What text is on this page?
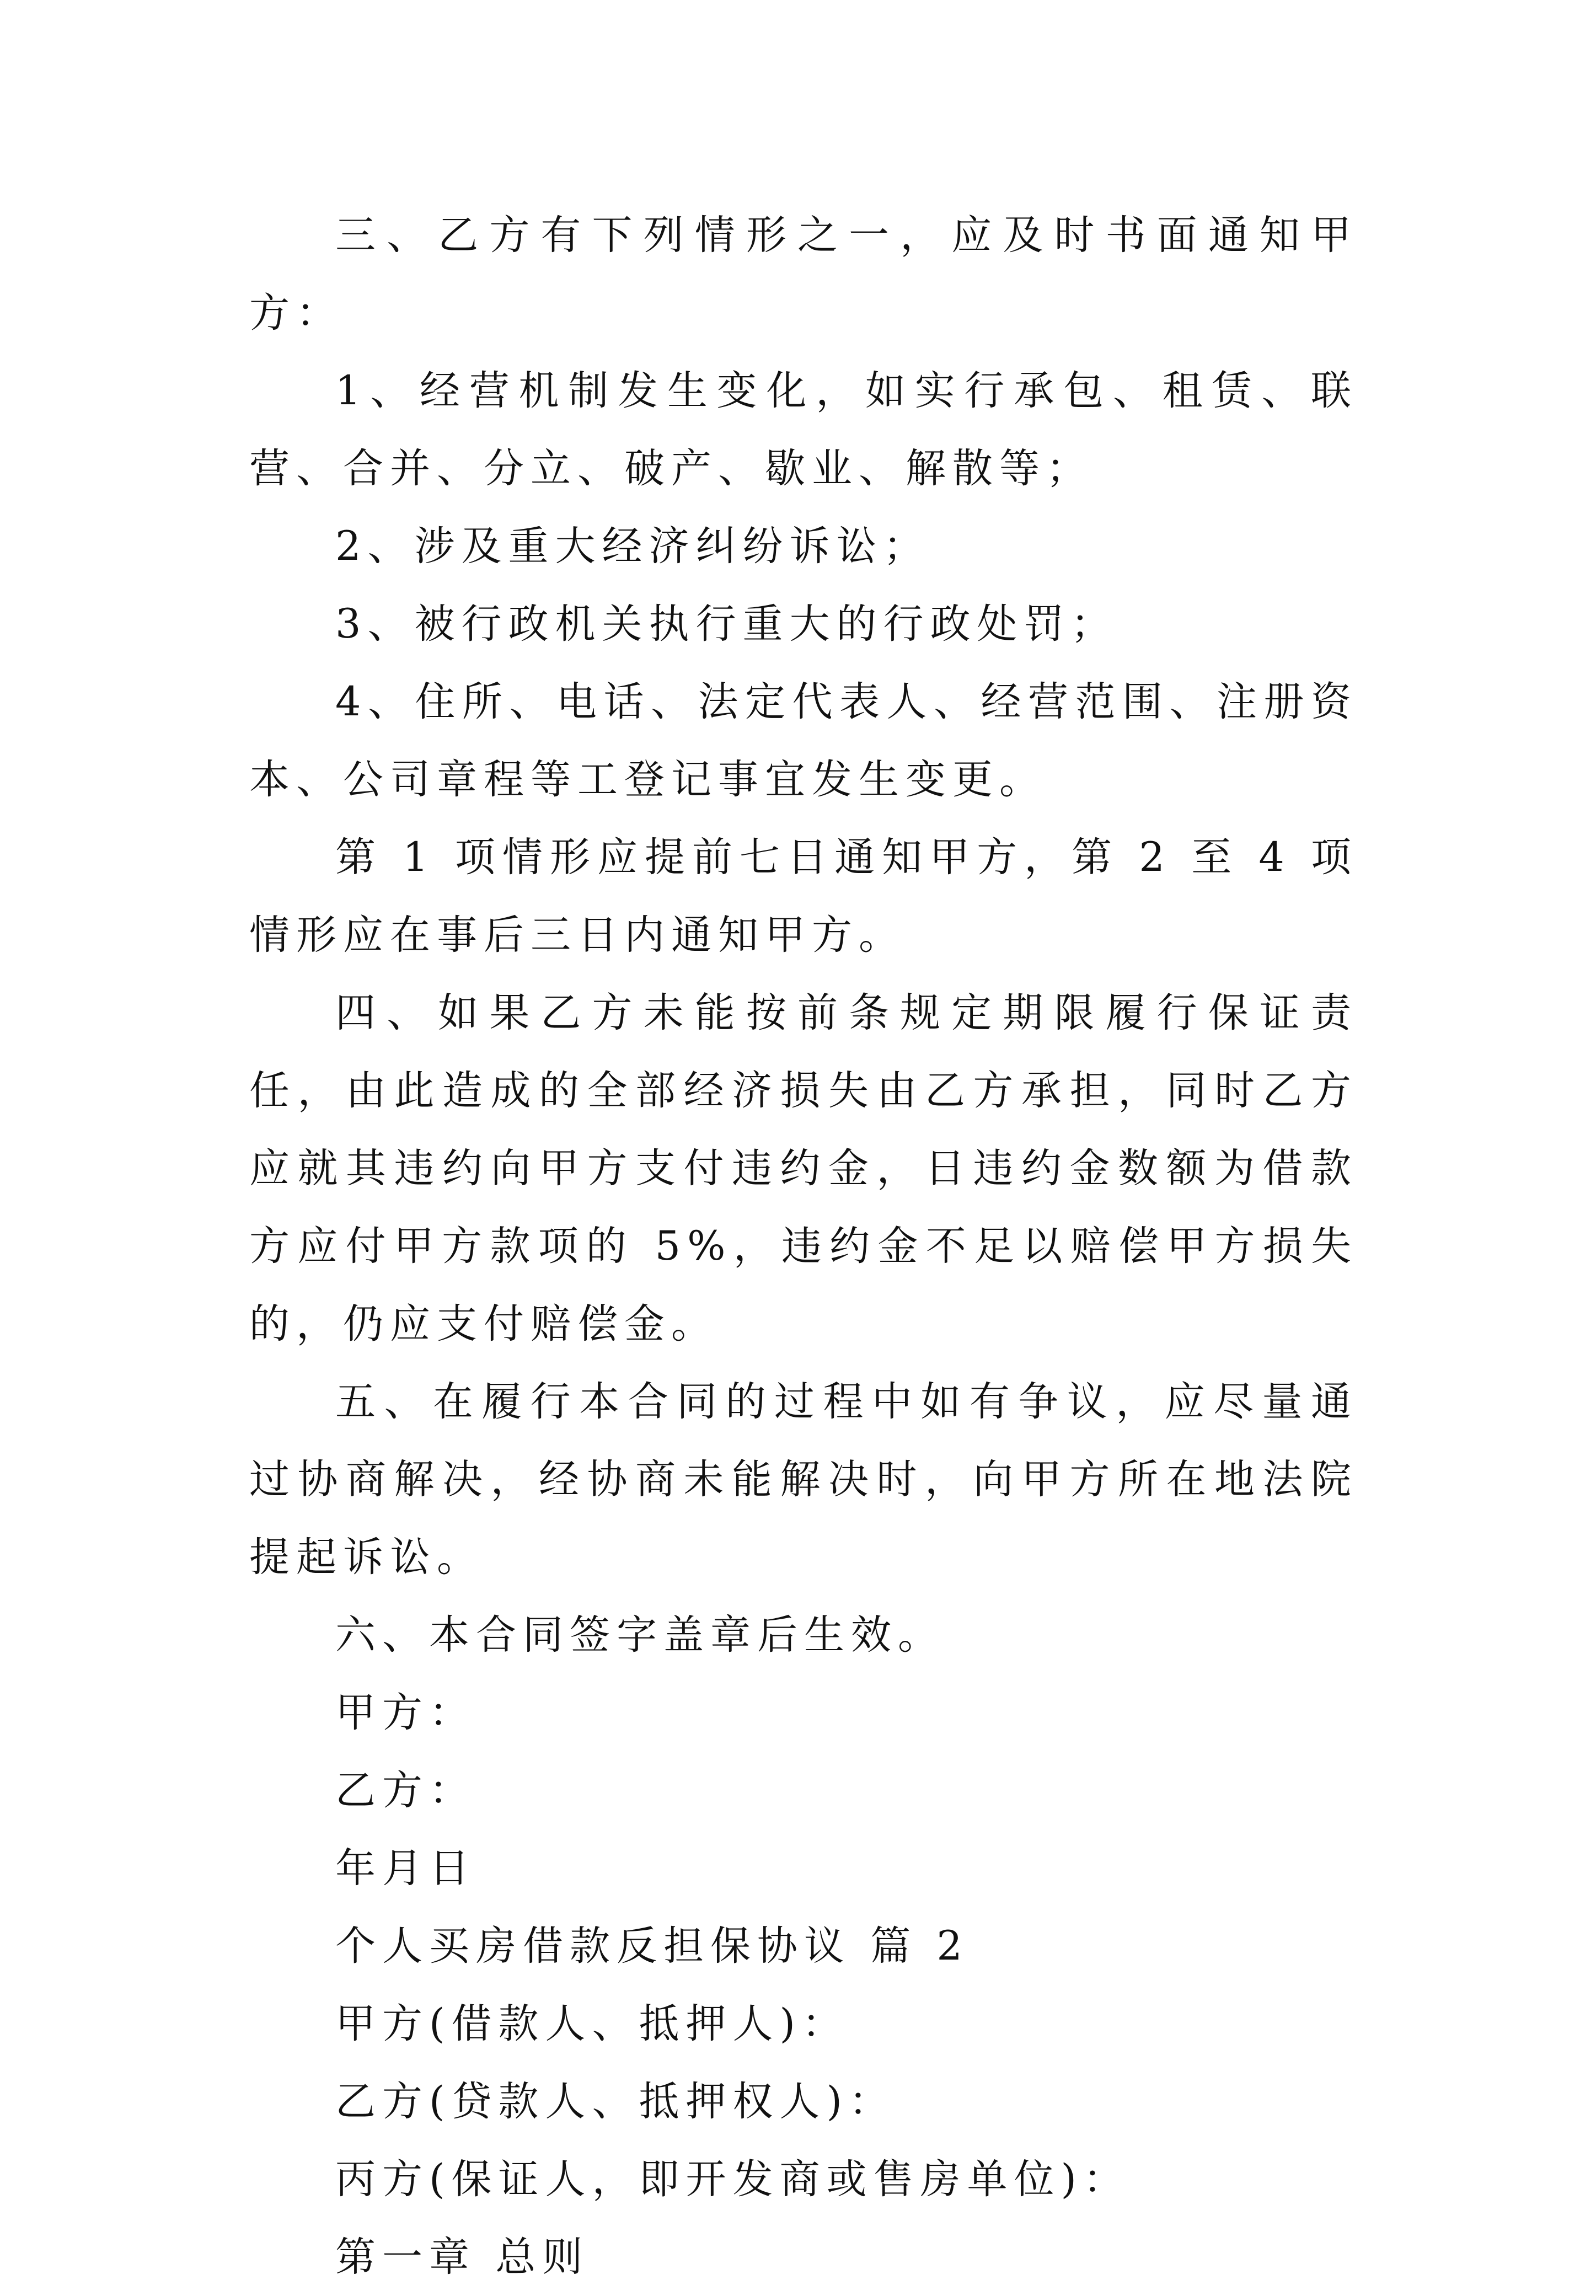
三、乙方有下列情形之一，应及时书面通知甲方：

1、经营机制发生变化，如实行承包、租赁、联营、合并、分立、破产、歇业、解散等；

2、涉及重大经济纠纷诉讼；

3、被行政机关执行重大的行政处罚；

4、住所、电话、法定代表人、经营范围、注册资本、公司章程等工登记事宜发生变更。

第 1 项情形应提前七日通知甲方，第 2 至 4 项情形应在事后三日内通知甲方。

四、如果乙方未能按前条规定期限履行保证责任，由此造成的全部经济损失由乙方承担，同时乙方应就其违约向甲方支付违约金，日违约金数额为借款方应付甲方款项的 5%，违约金不足以赔偿甲方损失的，仍应支付赔偿金。

五、在履行本合同的过程中如有争议，应尽量通过协商解决，经协商未能解决时，向甲方所在地法院提起诉讼。

六、本合同签字盖章后生效。

甲方：

乙方：

年月日

个人买房借款反担保协议 篇 2

甲方(借款人、抵押人)：

乙方(贷款人、抵押权人)：

丙方(保证人，即开发商或售房单位)：

第一章 总则
